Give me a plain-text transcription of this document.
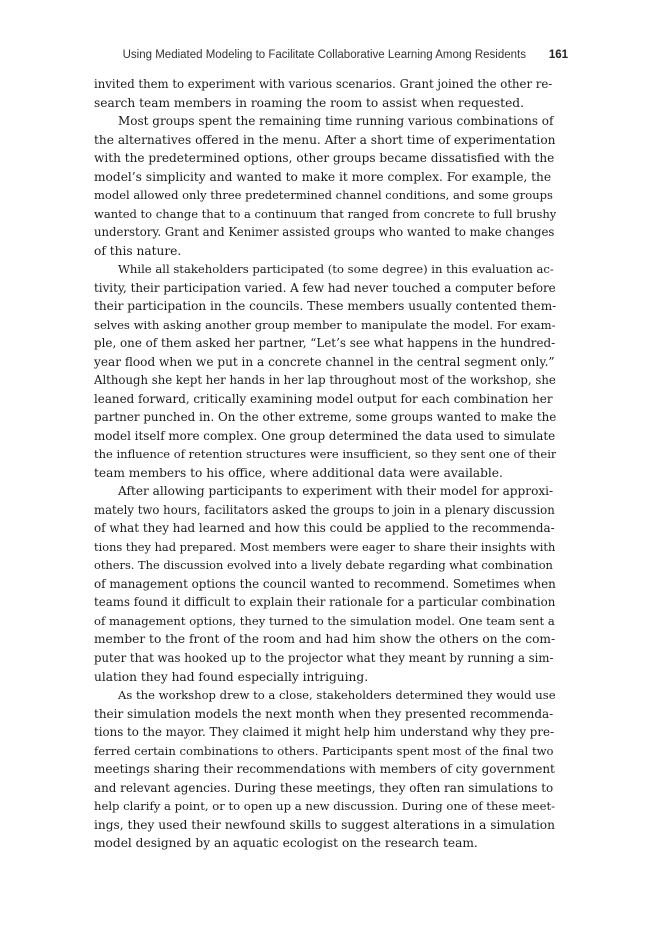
Using Mediated Modeling to Facilitate Collaborative Learning Among Residents 161

invited them to experiment with various scenarios. Grant joined the other re-
search team members in roaming the room to assist when requested.

Most groups spent the remaining time running various combinations of
the alternatives offered in the menu. After a short time of experimentation
with the predetermined options, other groups became dissatisfied with the
model’s simplicity and wanted to make it more complex. For example, the
model allowed only three predetermined channel conditions, and some groups
wanted to change that to a continuum that ranged from concrete to full brushy
understory. Grant and Kenimer assisted groups who wanted to make changes
of this nature.

While all stakeholders participated (to some degree) in this evaluation ac-
tivity, their participation varied. A few had never touched a computer before
their participation in the councils. These members usually contented them-
selves with asking another group member to manipulate the model. For exam-
ple, one of them asked her partner, “Let’s see what happens in the hundred-
year flood when we put in a concrete channel in the central segment only.”
Although she kept her hands in her lap throughout most of the workshop, she
leaned forward, critically examining model output for each combination her
partner punched in. On the other extreme, some groups wanted to make the
model itself more complex. One group determined the data used to simulate
the influence of retention structures were insufficient, so they sent one of their
team members to his office, where additional data were available.

After allowing participants to experiment with their model for approxi-
mately two hours, facilitators asked the groups to join in a plenary discussion
of what they had learned and how this could be applied to the recommenda-
tions they had prepared. Most members were eager to share their insights with
others. The discussion evolved into a lively debate regarding what combination
of management options the council wanted to recommend. Sometimes when
teams found it difficult to explain their rationale for a particular combination
of management options, they turned to the simulation model. One team sent a
member to the front of the room and had him show the others on the com-
puter that was hooked up to the projector what they meant by running a sim-
ulation they had found especially intriguing.

As the workshop drew to a close, stakeholders determined they would use
their simulation models the next month when they presented recommenda-
tions to the mayor. They claimed it might help him understand why they pre-
ferred certain combinations to others. Participants spent most of the final two
meetings sharing their recommendations with members of city government
and relevant agencies. During these meetings, they often ran simulations to
help clarify a point, or to open up a new discussion. During one of these meet-
ings, they used their newfound skills to suggest alterations in a simulation
model designed by an aquatic ecologist on the research team.
